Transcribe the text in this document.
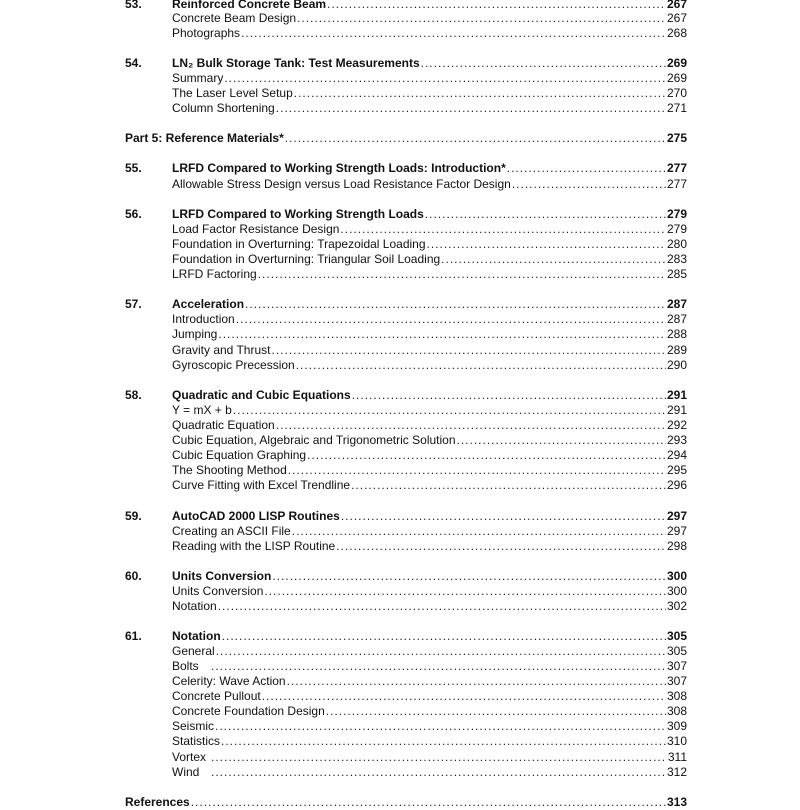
53.	Reinforced Concrete Beam .....	267
Concrete Beam Design .....	267
Photographs .....	268
54.	LN₂ Bulk Storage Tank: Test Measurements .....	269
Summary .....	269
The Laser Level Setup .....	270
Column Shortening .....	271
Part 5: Reference Materials* .....	275
55.	LRFD Compared to Working Strength Loads: Introduction* .....	277
Allowable Stress Design versus Load Resistance Factor Design .....	277
56.	LRFD Compared to Working Strength Loads .....	279
Load Factor Resistance Design .....	279
Foundation in Overturning: Trapezoidal Loading .....	280
Foundation in Overturning: Triangular Soil Loading .....	283
LRFD Factoring .....	285
57.	Acceleration .....	287
Introduction .....	287
Jumping .....	288
Gravity and Thrust .....	289
Gyroscopic Precession .....	290
58.	Quadratic and Cubic Equations .....	291
Y = mX + b .....	291
Quadratic Equation .....	292
Cubic Equation, Algebraic and Trigonometric Solution .....	293
Cubic Equation Graphing .....	294
The Shooting Method .....	295
Curve Fitting with Excel Trendline .....	296
59.	AutoCAD 2000 LISP Routines .....	297
Creating an ASCII File .....	297
Reading with the LISP Routine .....	298
60.	Units Conversion .....	300
Units Conversion .....	300
Notation .....	302
61.	Notation .....	305
General .....	305
Bolts .....	307
Celerity: Wave Action .....	307
Concrete Pullout .....	308
Concrete Foundation Design .....	308
Seismic .....	309
Statistics .....	310
Vortex .....	311
Wind .....	312
References .....	313
